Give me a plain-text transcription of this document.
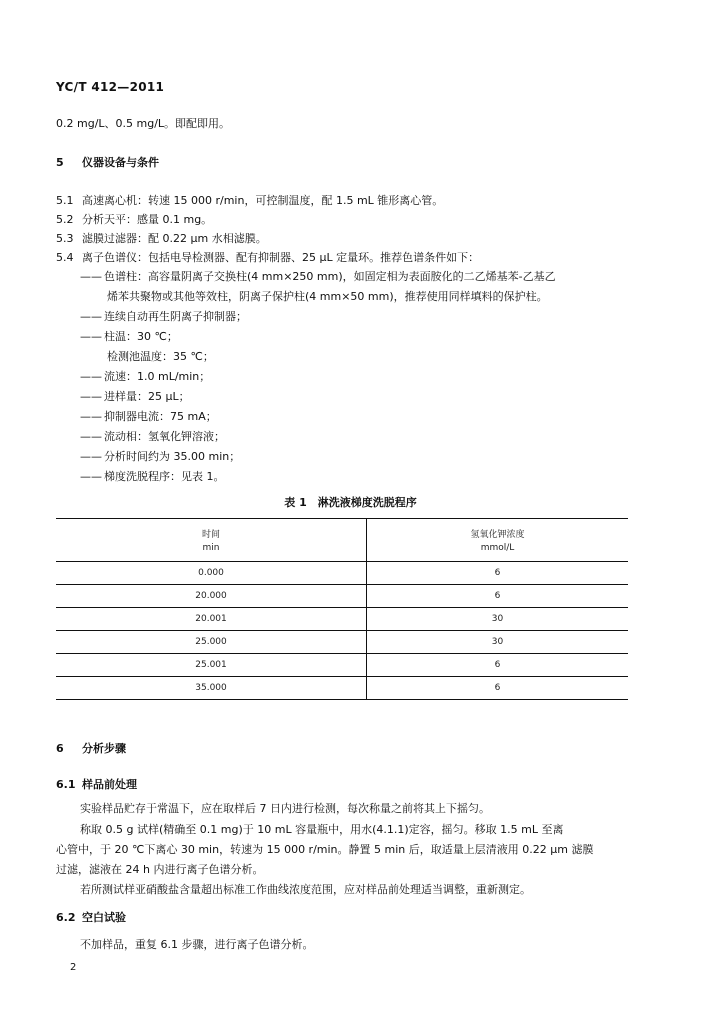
YC/T 412—2011
0.2 mg/L、0.5 mg/L。即配即用。
5 仪器设备与条件
5.1 高速离心机：转速 15 000 r/min，可控制温度，配 1.5 mL 锥形离心管。
5.2 分析天平：感量 0.1 mg。
5.3 滤膜过滤器：配 0.22 μm 水相滤膜。
5.4 离子色谱仪：包括电导检测器、配有抑制器、25 μL 定量环。推荐色谱条件如下：
—— 色谱柱：高容量阴离子交换柱(4 mm×250 mm)，如固定相为表面胺化的二乙烯基苯-乙基乙
烯苯共聚物或其他等效柱，阴离子保护柱(4 mm×50 mm)，推荐使用同样填料的保护柱。
—— 连续自动再生阴离子抑制器；
—— 柱温：30 ℃；
检测池温度：35 ℃；
—— 流速：1.0 mL/min；
—— 进样量：25 μL；
—— 抑制器电流：75 mA；
—— 流动相：氢氧化钾溶液；
—— 分析时间约为 35.00 min；
—— 梯度洗脱程序：见表 1。
表 1　淋洗液梯度洗脱程序
时间	氢氧化钾浓度
min	mmol/L
0.000	6
20.000	6
20.001	30
25.000	30
25.001	6
35.000	6
6 分析步骤
6.1 样品前处理
实验样品贮存于常温下，应在取样后 7 日内进行检测，每次称量之前将其上下摇匀。
称取 0.5 g 试样(精确至 0.1 mg)于 10 mL 容量瓶中，用水(4.1.1)定容，摇匀。移取 1.5 mL 至离
心管中，于 20 ℃下离心 30 min，转速为 15 000 r/min。静置 5 min 后，取适量上层清液用 0.22 μm 滤膜
过滤，滤液在 24 h 内进行离子色谱分析。
若所测试样亚硝酸盐含量超出标准工作曲线浓度范围，应对样品前处理适当调整，重新测定。
6.2 空白试验
不加样品，重复 6.1 步骤，进行离子色谱分析。
2
